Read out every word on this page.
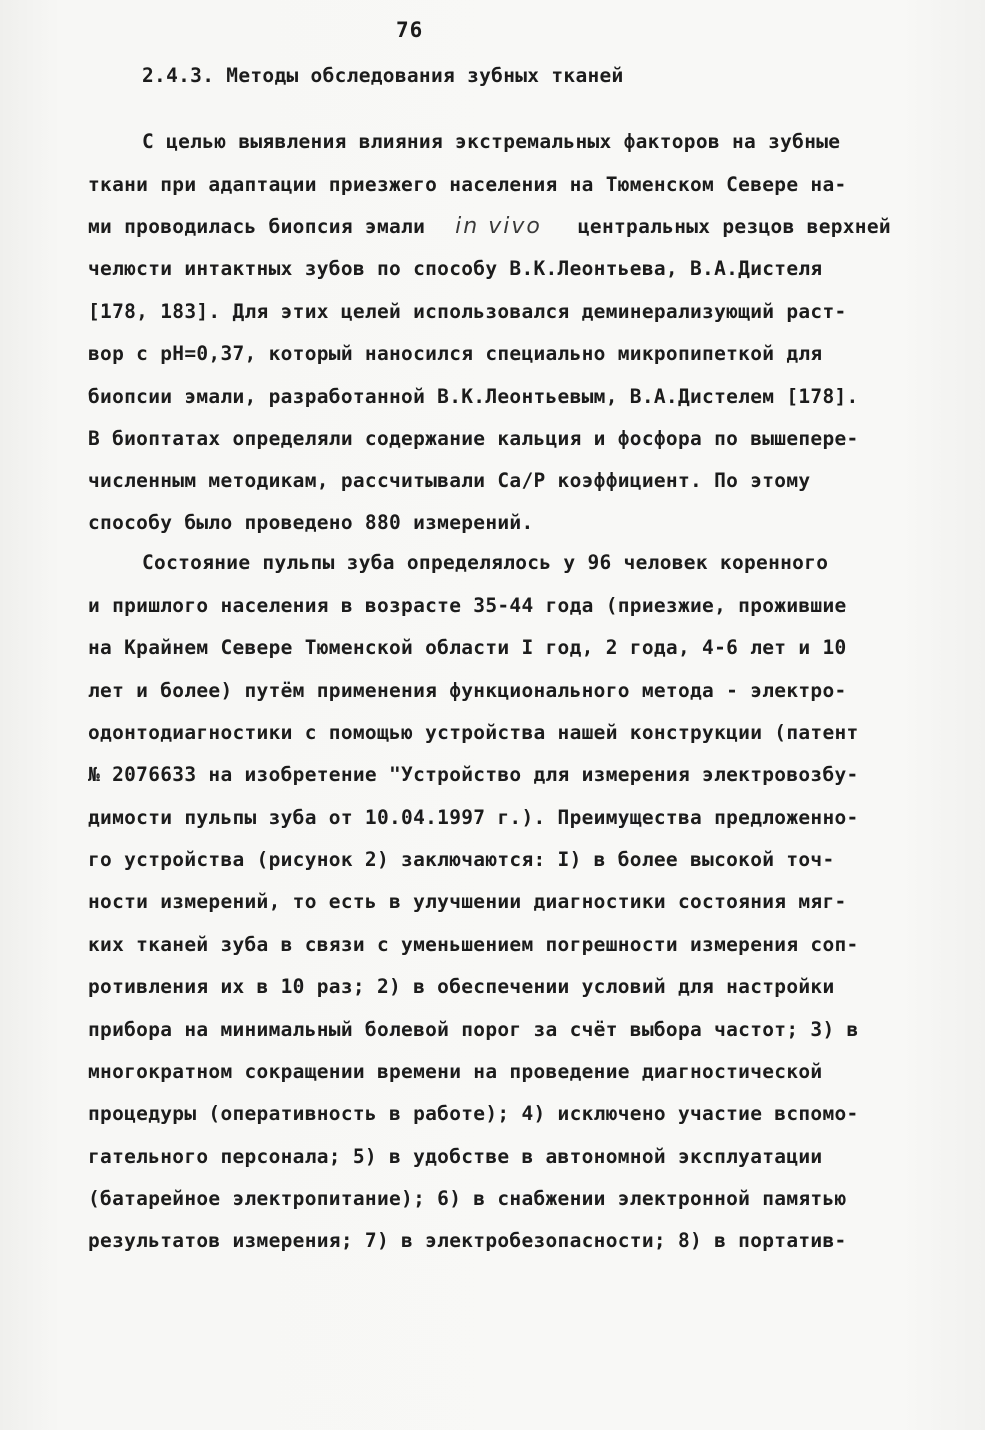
76
2.4.3. Методы обследования зубных тканей
С целью выявления влияния экстремальных факторов на зубные
ткани при адаптации приезжего населения на Тюменском Севере на-
ми проводилась биопсия эмали in vivo центральных резцов верхней
челюсти интактных зубов по способу В.К.Леонтьева, В.А.Дистеля
[178, 183]. Для этих целей использовался деминерализующий раст-
вор с рН=0,37, который наносился специально микропипеткой для
биопсии эмали, разработанной В.К.Леонтьевым, В.А.Дистелем [178].
В биоптатах определяли содержание кальция и фосфора по вышепере-
численным методикам, рассчитывали Са/Р коэффициент. По этому
способу было проведено 880 измерений.
Состояние пульпы зуба определялось у 96 человек коренного
и пришлого населения в возрасте 35-44 года (приезжие, прожившие
на Крайнем Севере Тюменской области I год, 2 года, 4-6 лет и 10
лет и более) путём применения функционального метода - электро-
одонтодиагностики с помощью устройства нашей конструкции (патент
№ 2076633 на изобретение "Устройство для измерения электровозбу-
димости пульпы зуба от 10.04.1997 г.). Преимущества предложенно-
го устройства (рисунок 2) заключаются: I) в более высокой точ-
ности измерений, то есть в улучшении диагностики состояния мяг-
ких тканей зуба в связи с уменьшением погрешности измерения соп-
ротивления их в 10 раз; 2) в обеспечении условий для настройки
прибора на минимальный болевой порог за счёт выбора частот; 3) в
многократном сокращении времени на проведение диагностической
процедуры (оперативность в работе); 4) исключено участие вспомо-
гательного персонала; 5) в удобстве в автономной эксплуатации
(батарейное электропитание); 6) в снабжении электронной памятью
результатов измерения; 7) в электробезопасности; 8) в портатив-
